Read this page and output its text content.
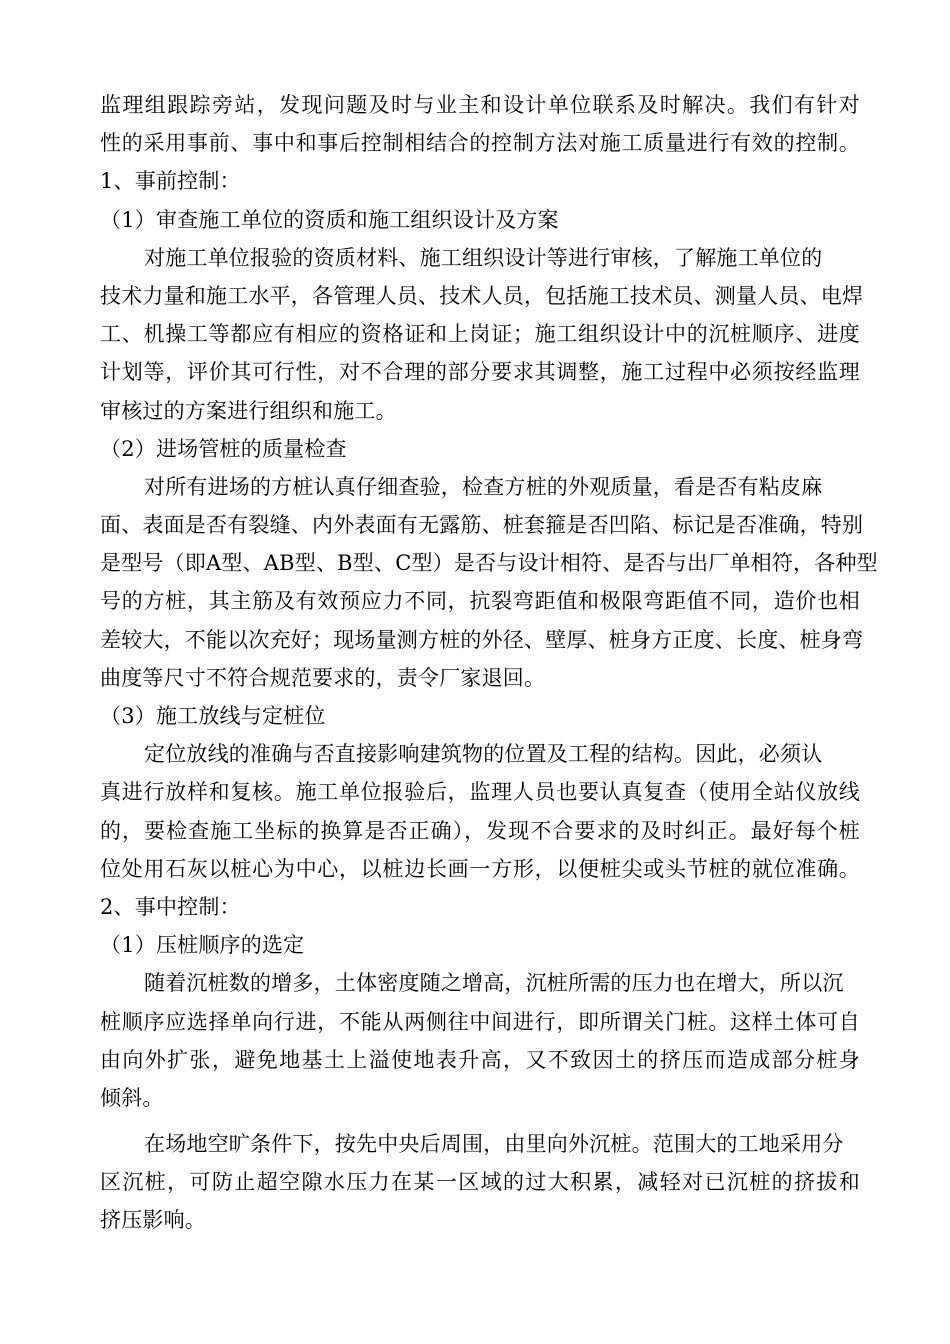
监理组跟踪旁站，发现问题及时与业主和设计单位联系及时解决。我们有针对
性的采用事前、事中和事后控制相结合的控制方法对施工质量进行有效的控制。
1、事前控制：
（1）审查施工单位的资质和施工组织设计及方案
对施工单位报验的资质材料、施工组织设计等进行审核，了解施工单位的
技术力量和施工水平，各管理人员、技术人员，包括施工技术员、测量人员、电焊
工、机操工等都应有相应的资格证和上岗证；施工组织设计中的沉桩顺序、进度
计划等，评价其可行性，对不合理的部分要求其调整，施工过程中必须按经监理
审核过的方案进行组织和施工。
（2）进场管桩的质量检查
对所有进场的方桩认真仔细查验，检查方桩的外观质量，看是否有粘皮麻
面、表面是否有裂缝、内外表面有无露筋、桩套箍是否凹陷、标记是否准确，特别
是型号（即A型、AB型、B型、C型）是否与设计相符、是否与出厂单相符，各种型
号的方桩，其主筋及有效预应力不同，抗裂弯距值和极限弯距值不同，造价也相
差较大，不能以次充好；现场量测方桩的外径、壁厚、桩身方正度、长度、桩身弯
曲度等尺寸不符合规范要求的，责令厂家退回。
（3）施工放线与定桩位
定位放线的准确与否直接影响建筑物的位置及工程的结构。因此，必须认
真进行放样和复核。施工单位报验后，监理人员也要认真复查（使用全站仪放线
的，要检查施工坐标的换算是否正确），发现不合要求的及时纠正。最好每个桩
位处用石灰以桩心为中心，以桩边长画一方形，以便桩尖或头节桩的就位准确。
2、事中控制：
（1）压桩顺序的选定
随着沉桩数的增多，土体密度随之增高，沉桩所需的压力也在增大，所以沉
桩顺序应选择单向行进，不能从两侧往中间进行，即所谓关门桩。这样土体可自
由向外扩张，避免地基土上溢使地表升高，又不致因土的挤压而造成部分桩身
倾斜。
在场地空旷条件下，按先中央后周围，由里向外沉桩。范围大的工地采用分
区沉桩，可防止超空隙水压力在某一区域的过大积累，减轻对已沉桩的挤拔和
挤压影响。
